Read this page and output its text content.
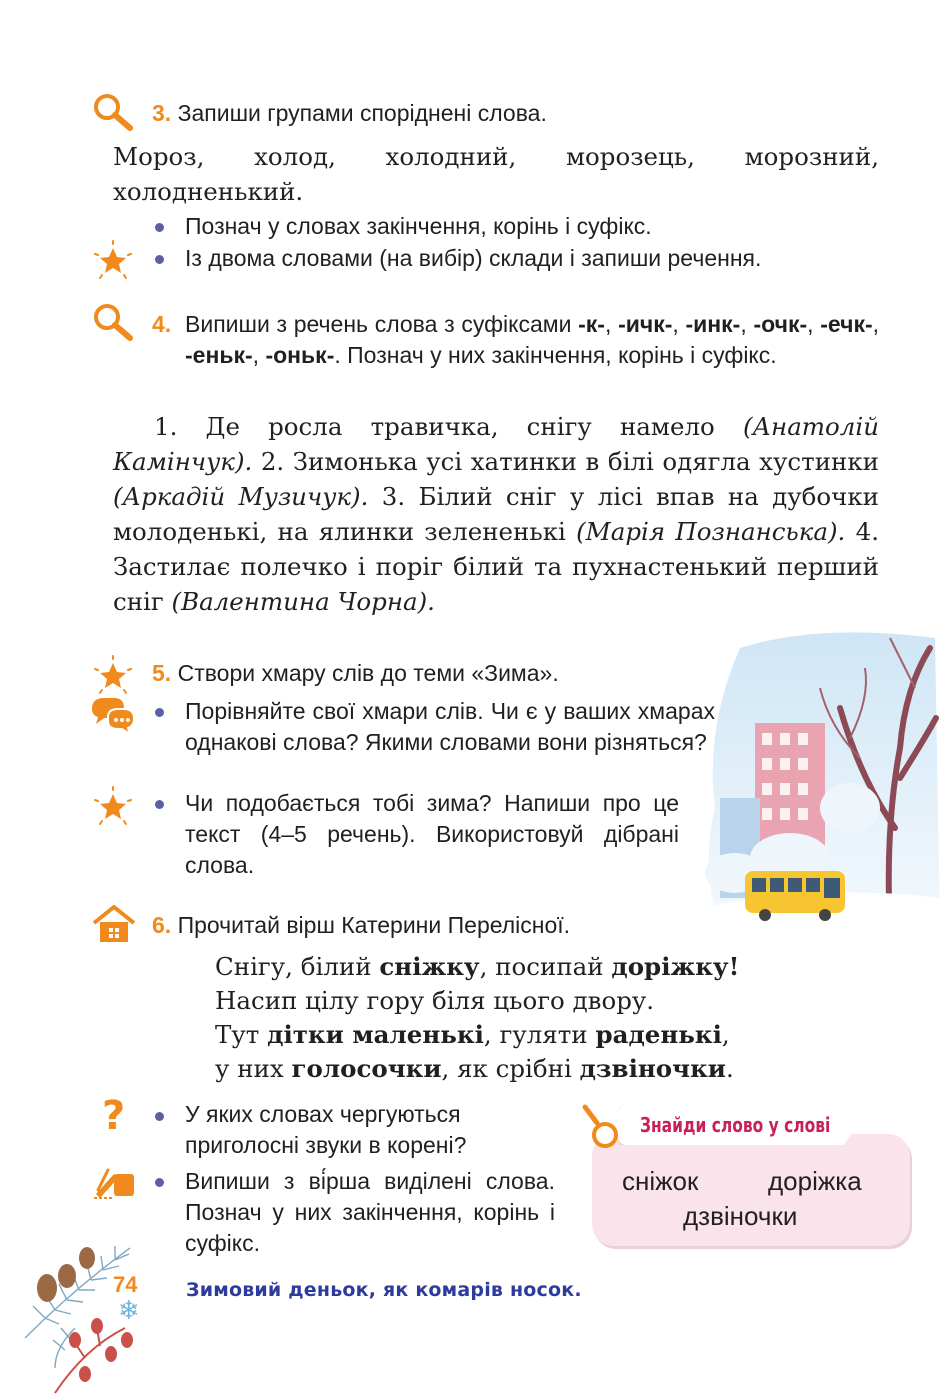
3. Запиши групами споріднені слова.
Мороз, холод, холодний, морозець, морозний,
холодненький.
Познач у словах закінчення, корінь і суфікс.
Із двома словами (на вибір) склади і запиши речення.
4. Випиши з речень слова з суфіксами -к-, -ичк-, -инк-, -очк-, -ечк-, -еньк-, -оньк-. Познач у них закінчення, корінь і суфікс.
1. Де росла травичка, снігу намело (Анатолій Камінчук). 2. Зимонька усі хатинки в білі одягла хустинки (Аркадій Музичук). 3. Білий сніг у лісі впав на дубочки молоденькі, на ялинки зелененькі (Марія Познанська). 4. Застилає полечко і поріг білий та пухнастенький перший сніг (Валентина Чорна).
5. Створи хмару слів до теми «Зима».
Порівняйте свої хмари слів. Чи є у ваших хмарах однакові слова? Якими словами вони різняться?
Чи подобається тобі зима? Напиши про це текст (4–5 речень). Використовуй дібрані слова.
6. Прочитай вірш Катерини Перелісної.
Снігу, білий сніжку, посипай доріжку!
Насип цілу гору біля цього двору.
Тут дітки маленькі, гуляти раденькі,
у них голосочки, як срібні дзвіночки.
?	У яких словах чергуються приголосні звуки в корені?
Випиши з ві́рша виділені слова. Познач у них закінчення, корінь і суфікс.
Знайди слово у слові
сніжок	доріжка
дзвіночки
74
❄
Зимовий деньок, як комарів носок.
